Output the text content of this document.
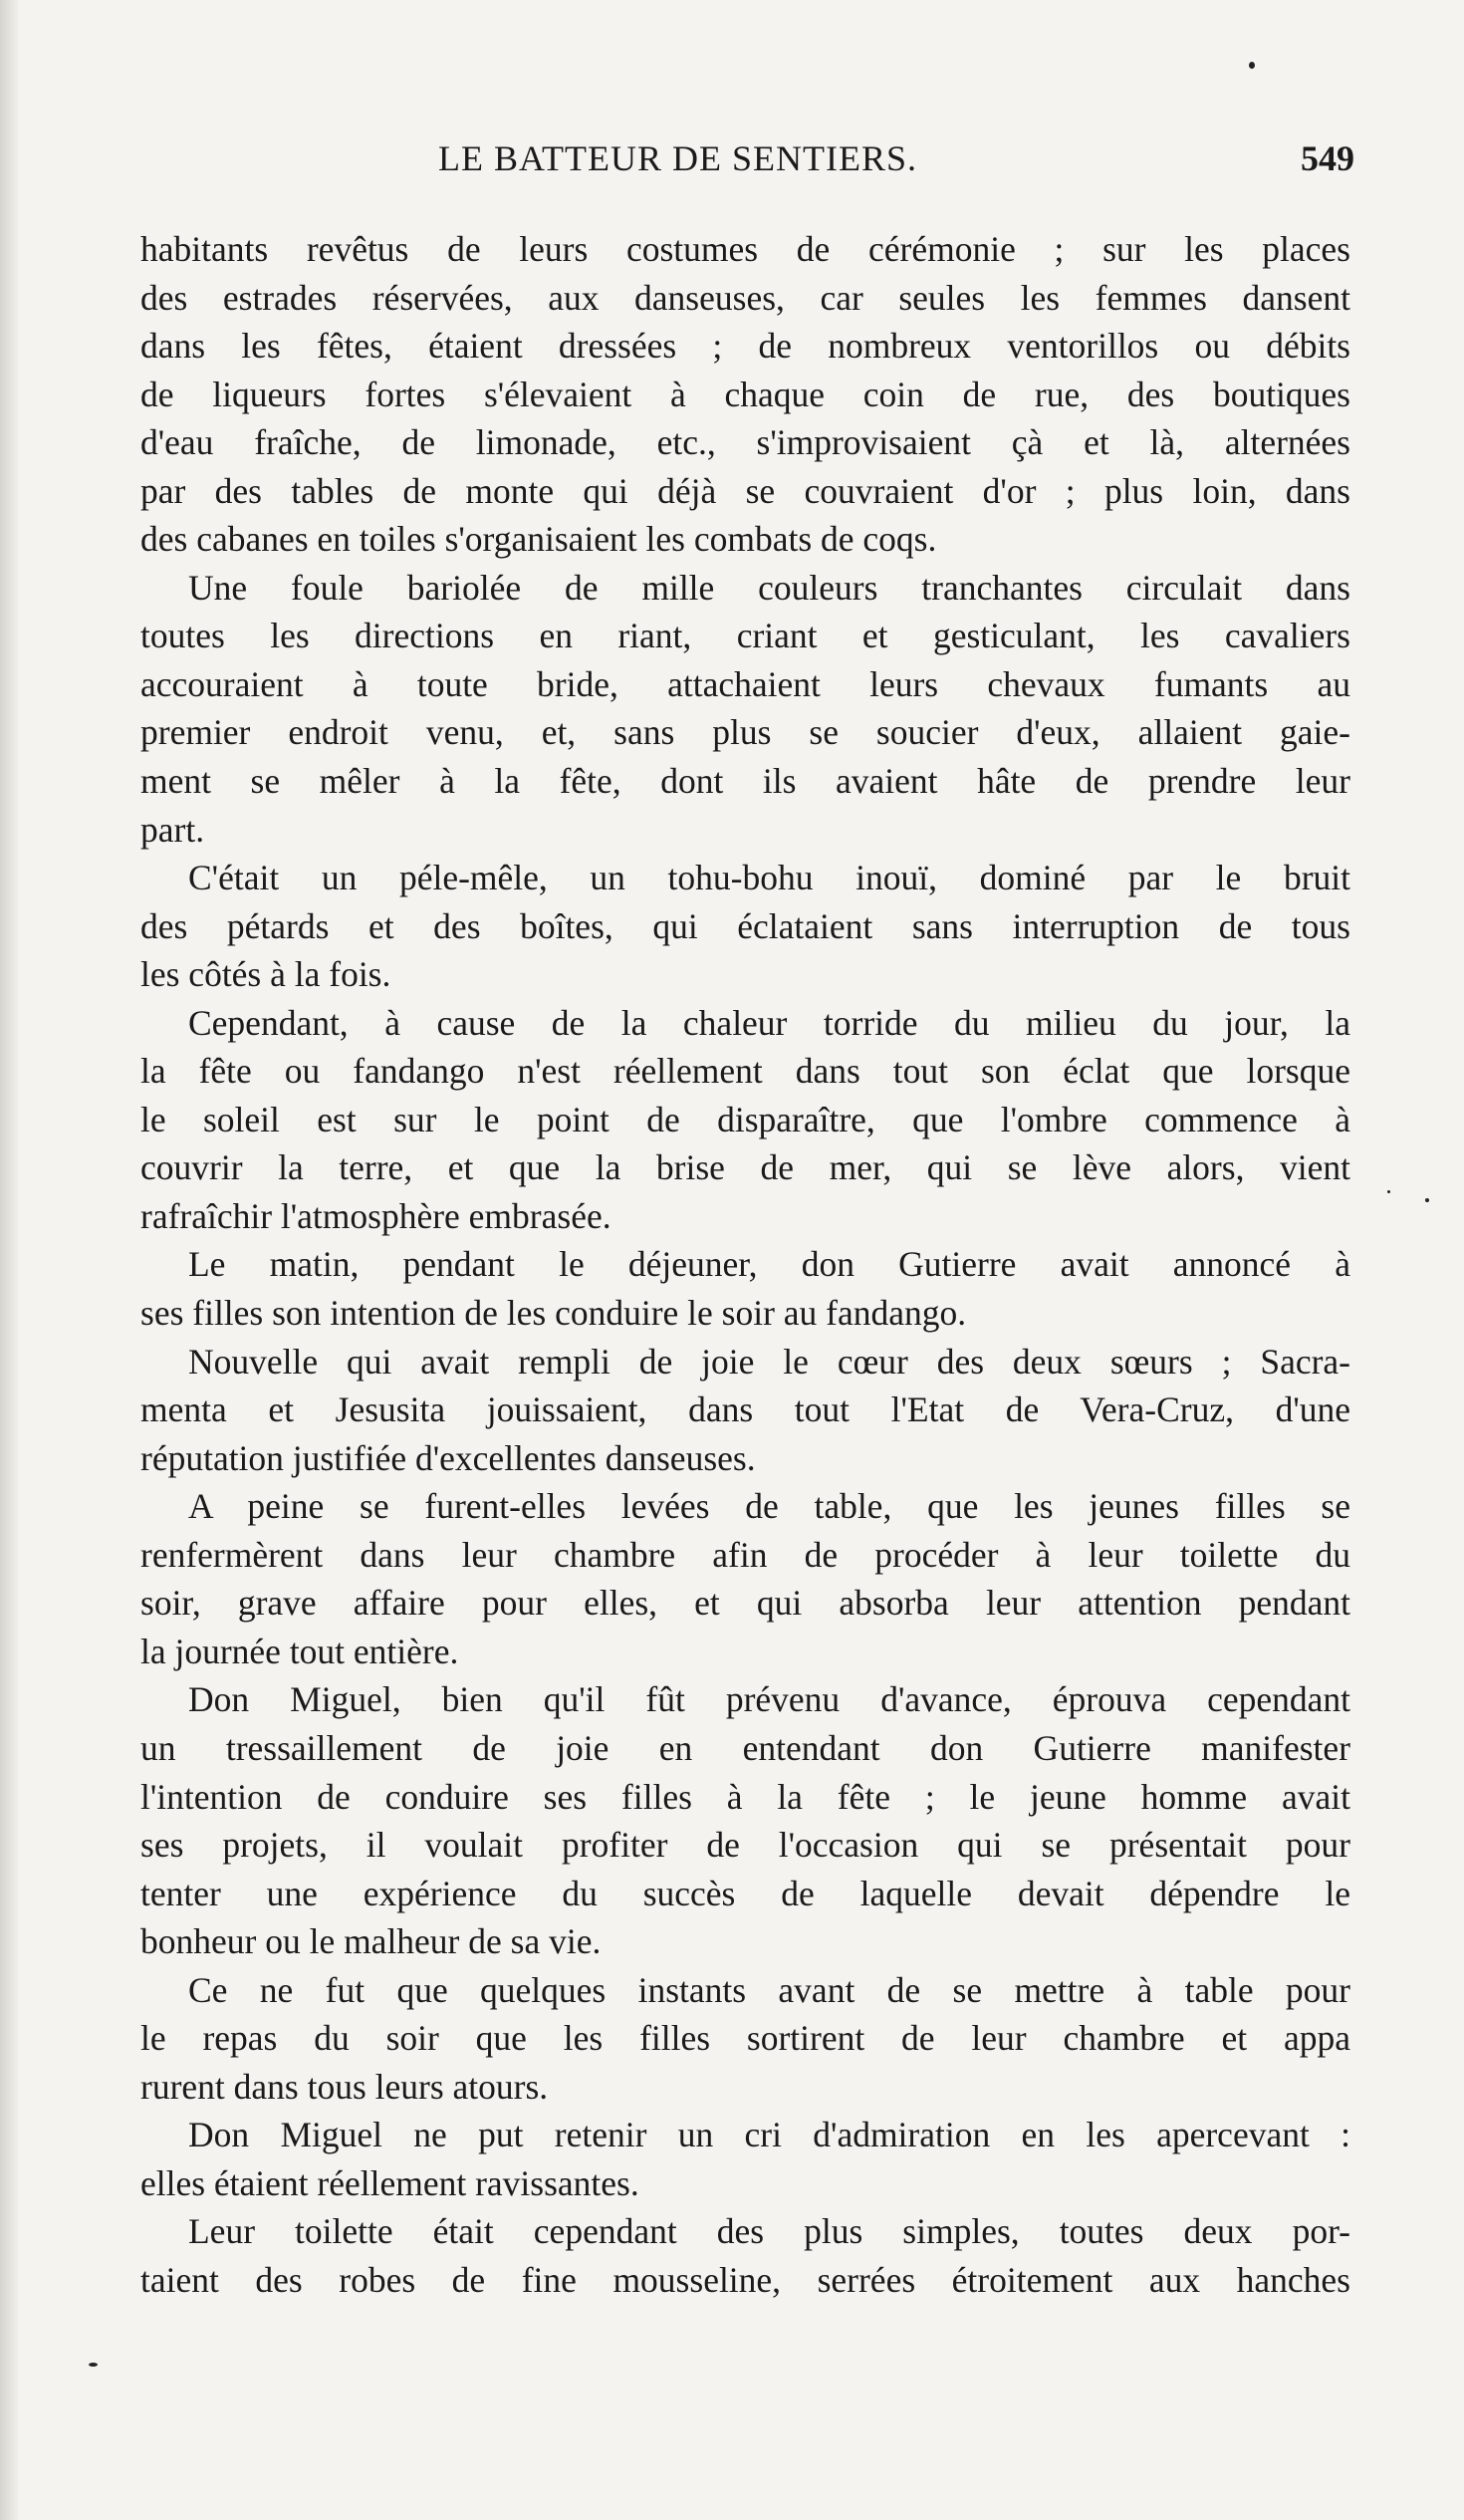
LE BATTEUR DE SENTIERS.	549
habitants revêtus de leurs costumes de cérémonie ; sur les places
des estrades réservées, aux danseuses, car seules les femmes dansent
dans les fêtes, étaient dressées ; de nombreux ventorillos ou débits
de liqueurs fortes s'élevaient à chaque coin de rue, des boutiques
d'eau fraîche, de limonade, etc., s'improvisaient çà et là, alternées
par des tables de monte qui déjà se couvraient d'or ; plus loin, dans
des cabanes en toiles s'organisaient les combats de coqs.
Une foule bariolée de mille couleurs tranchantes circulait dans
toutes les directions en riant, criant et gesticulant, les cavaliers
accouraient à toute bride, attachaient leurs chevaux fumants au
premier endroit venu, et, sans plus se soucier d'eux, allaient gaie-
ment se mêler à la fête, dont ils avaient hâte de prendre leur
part.
C'était un péle-mêle, un tohu-bohu inouï, dominé par le bruit
des pétards et des boîtes, qui éclataient sans interruption de tous
les côtés à la fois.
Cependant, à cause de la chaleur torride du milieu du jour, la
la fête ou fandango n'est réellement dans tout son éclat que lorsque
le soleil est sur le point de disparaître, que l'ombre commence à
couvrir la terre, et que la brise de mer, qui se lève alors, vient
rafraîchir l'atmosphère embrasée.
Le matin, pendant le déjeuner, don Gutierre avait annoncé à
ses filles son intention de les conduire le soir au fandango.
Nouvelle qui avait rempli de joie le cœur des deux sœurs ; Sacra-
menta et Jesusita jouissaient, dans tout l'Etat de Vera-Cruz, d'une
réputation justifiée d'excellentes danseuses.
A peine se furent-elles levées de table, que les jeunes filles se
renfermèrent dans leur chambre afin de procéder à leur toilette du
soir, grave affaire pour elles, et qui absorba leur attention pendant
la journée tout entière.
Don Miguel, bien qu'il fût prévenu d'avance, éprouva cependant
un tressaillement de joie en entendant don Gutierre manifester
l'intention de conduire ses filles à la fête ; le jeune homme avait
ses projets, il voulait profiter de l'occasion qui se présentait pour
tenter une expérience du succès de laquelle devait dépendre le
bonheur ou le malheur de sa vie.
Ce ne fut que quelques instants avant de se mettre à table pour
le repas du soir que les filles sortirent de leur chambre et appa
rurent dans tous leurs atours.
Don Miguel ne put retenir un cri d'admiration en les apercevant :
elles étaient réellement ravissantes.
Leur toilette était cependant des plus simples, toutes deux por-
taient des robes de fine mousseline, serrées étroitement aux hanches
